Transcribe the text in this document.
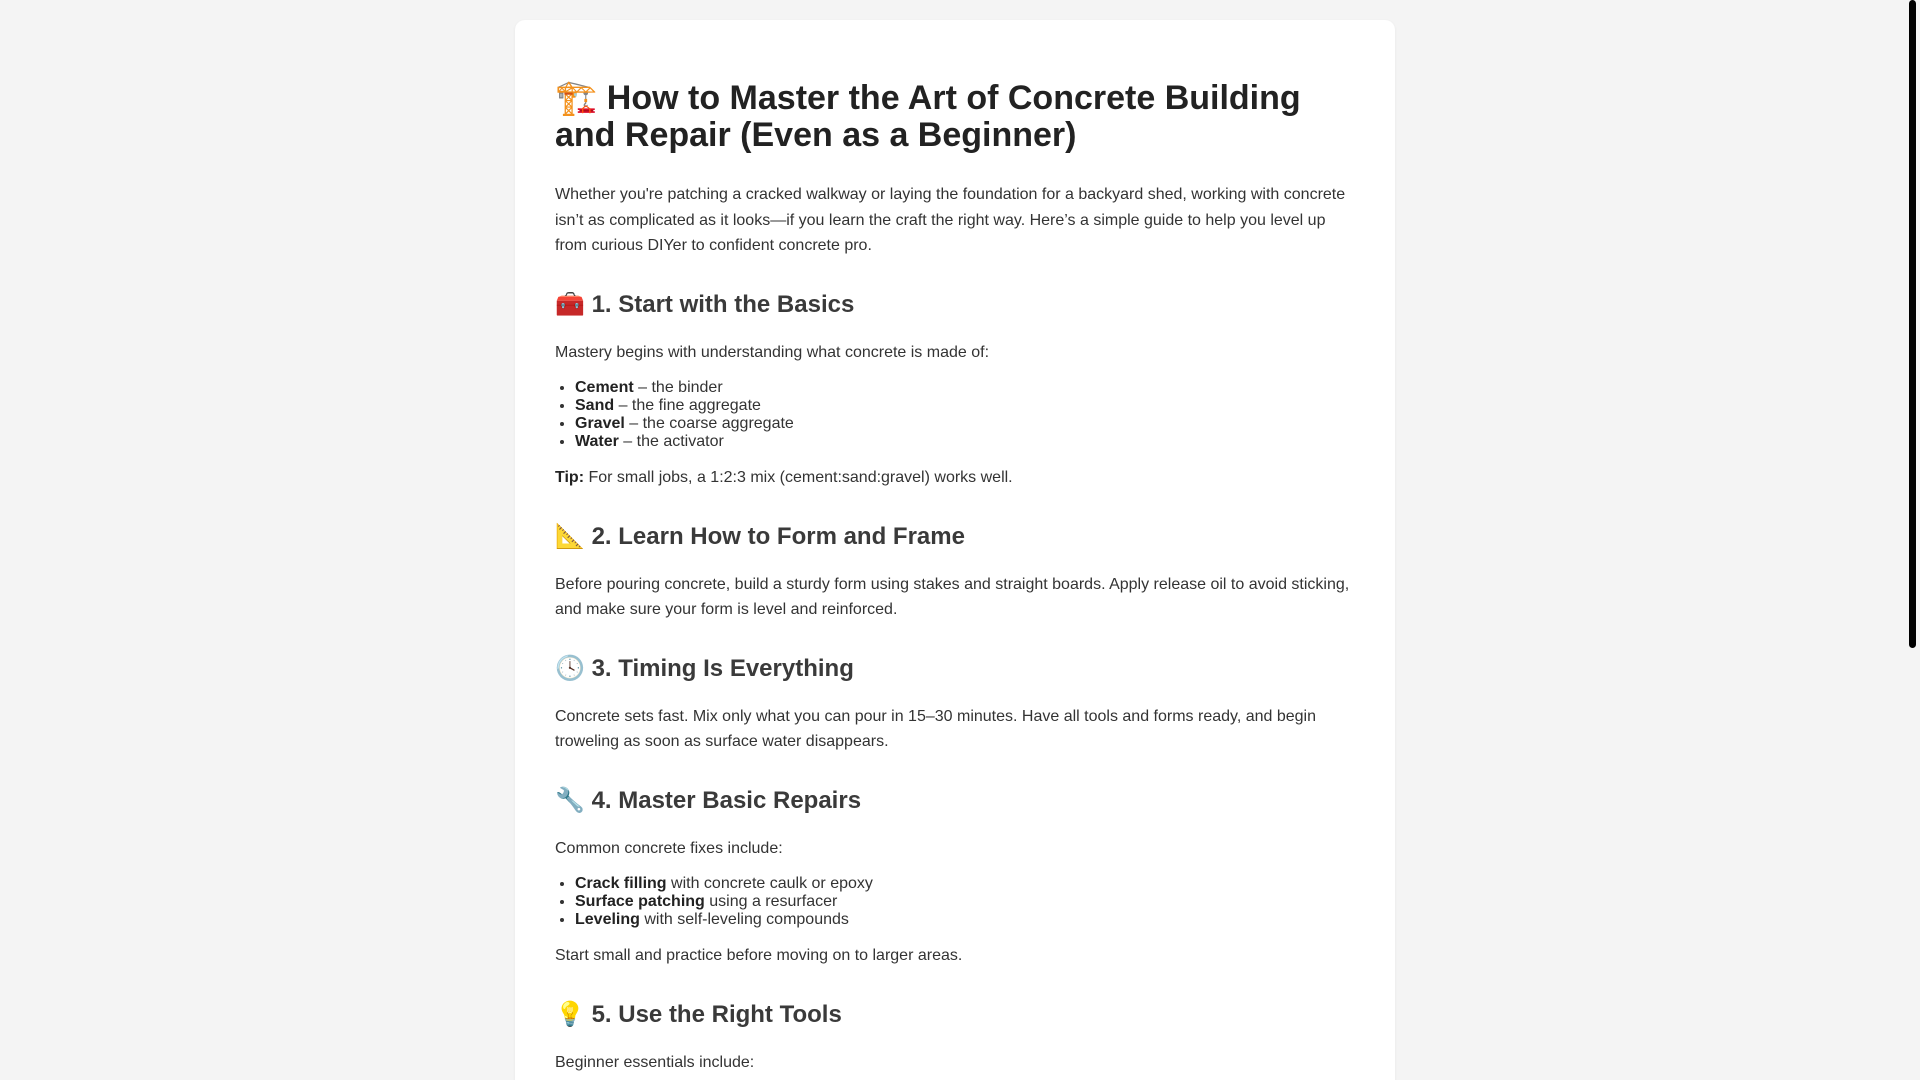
🏗️ How to Master the Art of Concrete Building and Repair (Even as a Beginner)

Whether you're patching a cracked walkway or laying the foundation for a backyard shed, working with concrete isn’t as complicated as it looks—if you learn the craft the right way. Here’s a simple guide to help you level up from curious DIYer to confident concrete pro.

🧰 1. Start with the Basics

Mastery begins with understanding what concrete is made of:

• Cement – the binder
• Sand – the fine aggregate
• Gravel – the coarse aggregate
• Water – the activator

Tip: For small jobs, a 1:2:3 mix (cement:sand:gravel) works well.

📐 2. Learn How to Form and Frame

Before pouring concrete, build a sturdy form using stakes and straight boards. Apply release oil to avoid sticking, and make sure your form is level and reinforced.

🕓 3. Timing Is Everything

Concrete sets fast. Mix only what you can pour in 15–30 minutes. Have all tools and forms ready, and begin troweling as soon as surface water disappears.

🔧 4. Master Basic Repairs

Common concrete fixes include:

• Crack filling with concrete caulk or epoxy
• Surface patching using a resurfacer
• Leveling with self-leveling compounds

Start small and practice before moving on to larger areas.

💡 5. Use the Right Tools

Beginner essentials include:
